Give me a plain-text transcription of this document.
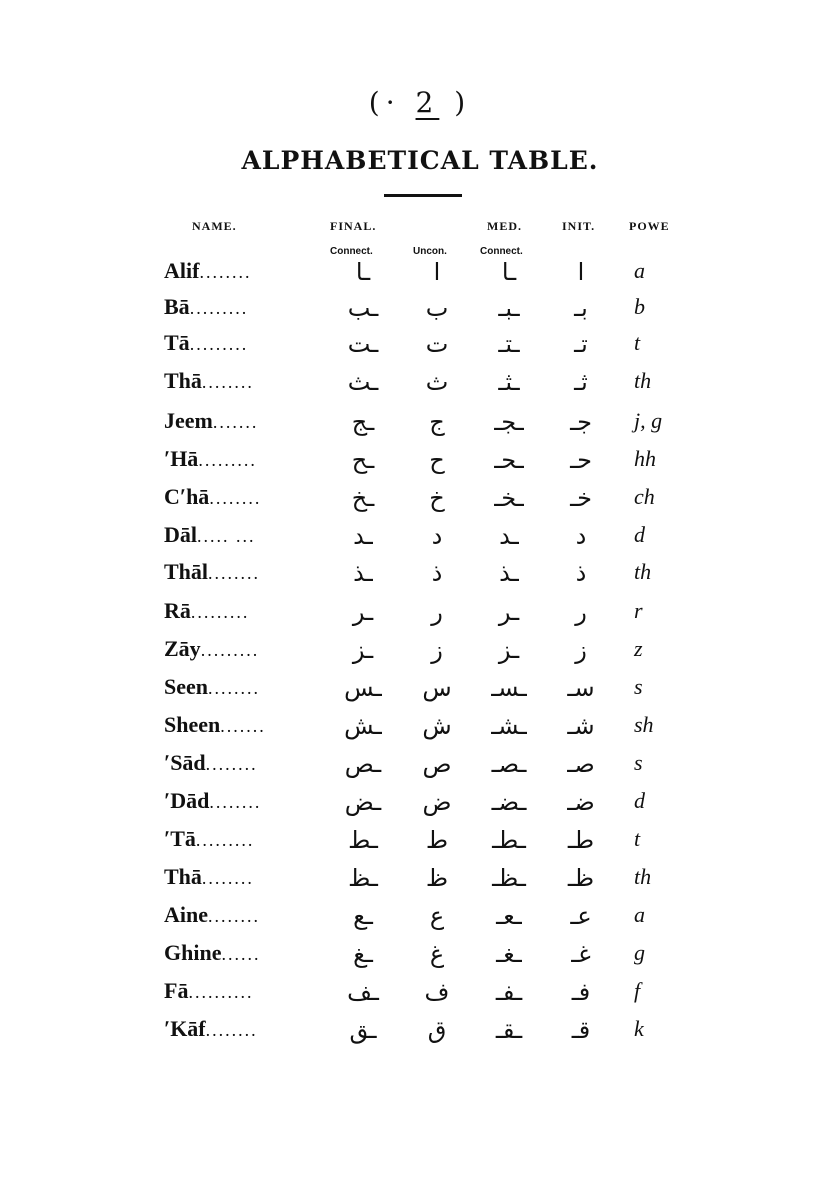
(· 2 )
ALPHABETICAL TABLE.
NAME.	FINAL.	MED.	INIT.	POWE
Connect.	Uncon.	Connect.
Alif........	ـا	ا	ـا	ا	a
Bā.........	ـب	ب	ـبـ	بـ	b
Tā.........	ـت	ت	ـتـ	تـ	t
Thā........	ـث	ث	ـثـ	ثـ	th
Jeem.......	ـج	ج	ـجـ	جـ	j, g
ʹHā.........	ـح	ح	ـحـ	حـ	hh
Cʹhā........	ـخ	خ	ـخـ	خـ	ch
Dāl..... ...	ـد	د	ـد	د	d
Thāl........	ـذ	ذ	ـذ	ذ	th
Rā.........	ـر	ر	ـر	ر	r
Zāy.........	ـز	ز	ـز	ز	z
Seen........	ـس	س	ـسـ	سـ	s
Sheen.......	ـش	ش	ـشـ	شـ	sh
ʹSād........	ـص	ص	ـصـ	صـ	s
ʹDād........	ـض	ض	ـضـ	ضـ	d
ʹTā.........	ـط	ط	ـطـ	طـ	t
Thā........	ـظ	ظ	ـظـ	ظـ	th
Aine........	ـع	ع	ـعـ	عـ	a
Ghine......	ـغ	غ	ـغـ	غـ	g
Fā..........	ـف	ف	ـفـ	فـ	f
ʹKāf........	ـق	ق	ـقـ	قـ	k
